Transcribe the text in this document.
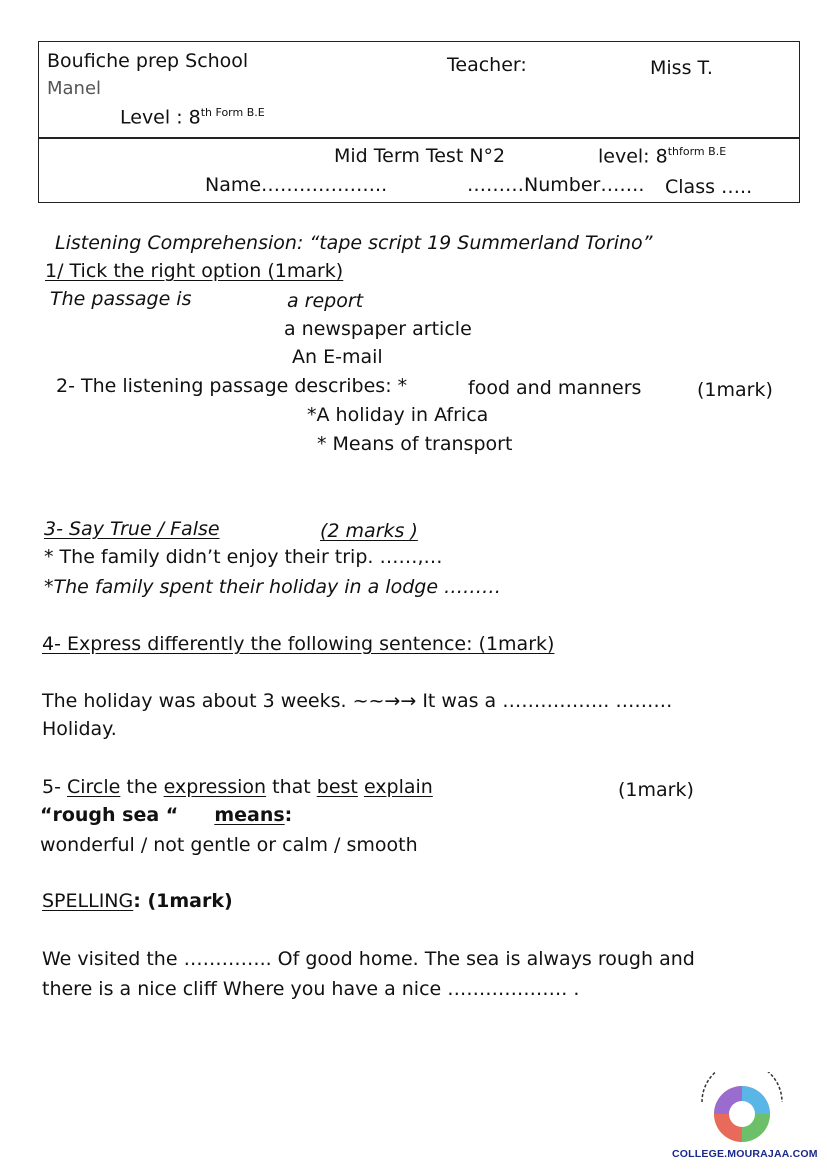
Boufiche prep School	Teacher:	Miss T.
Manel
Level : $8^{th Form B.E}$
Mid Term Test N°2	level: $8^{thform B.E}$
Name………………..	………Number……. Class …..
Listening Comprehension: “tape script 19 Summerland Torino”
1/ Tick the right option (1mark)
The passage is	a report
a newspaper article
An E-mail
2- The listening passage describes: *	food and manners	(1mark)
*A holiday in Africa
* Means of transport
3- Say True / False	(2 marks )
* The family didn’t enjoy their trip. ……,…
*The family spent their holiday in a lodge ………
4- Express differently the following sentence: (1mark)
The holiday was about 3 weeks. ~~→→ It was a …………….. ………
Holiday.
5- Circle the expression that best explain	(1mark)
“rough sea “ means:
wonderful / not gentle or calm / smooth
SPELLING: (1mark)
We visited the ………….. Of good home. The sea is always rough and
there is a nice cliff Where you have a nice ………………. .
COLLEGE.MOURAJAA.COM
